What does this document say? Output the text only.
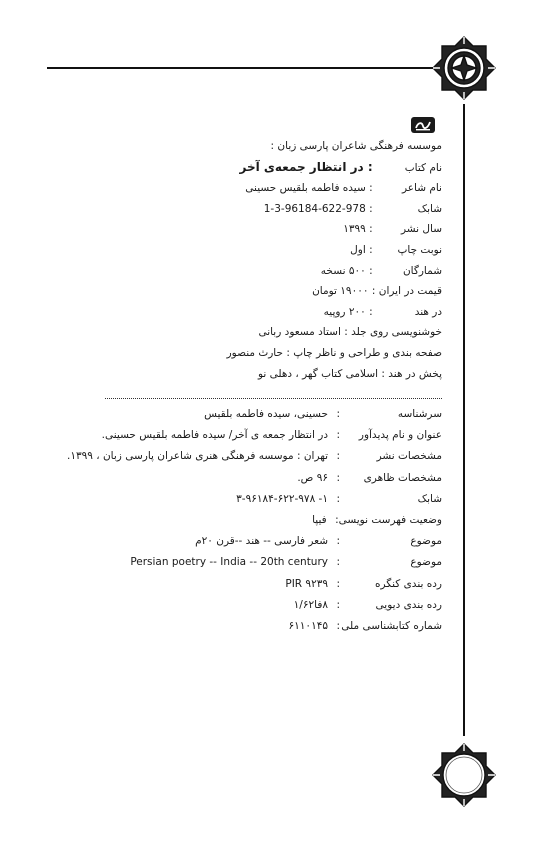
موسسه فرهنگی شاعران پارسی زبان :
نام کتاب : در انتظار جمعه‌ی آخر
نام شاعر : سیده فاطمه بلقیس حسینی
شابک : 1-3-96184-622-978
سال نشر : ۱۳۹۹
نوبت چاپ : اول
شمارگان : ۵۰۰ نسخه
قیمت در ایران : ۱۹۰۰۰ تومان
در هند : ۲۰۰ روپیه
خوشنویسی روی جلد : استاد مسعود ربانی
صفحه بندی و طراحی و ناظر چاپ : حارث منصور
پخش در هند : اسلامی کتاب گهر ، دهلی نو
سرشناسه:حسینی، سیده فاطمه بلقیس
عنوان و نام پدیدآور:در انتظار جمعه ی آخر/ سیده فاطمه بلقیس حسینی.
مشخصات نشر:تهران : موسسه فرهنگی هنری شاعران پارسی زبان ، ۱۳۹۹.
مشخصات ظاهری:۹۶ ص.
شابک:۱- ۳-۹۶۱۸۴-۶۲۲-۹۷۸
وضعیت فهرست نویسی:فیپا
موضوع:شعر فارسی -- هند --قرن ۲۰م
موضوع:Persian poetry -- India -- 20th century
رده بندی کنگره:PIR ۹۲۳۹
رده بندی دیویی:۸فا۱/۶۲
شماره کتابشناسی ملی:۶۱۱۰۱۴۵
